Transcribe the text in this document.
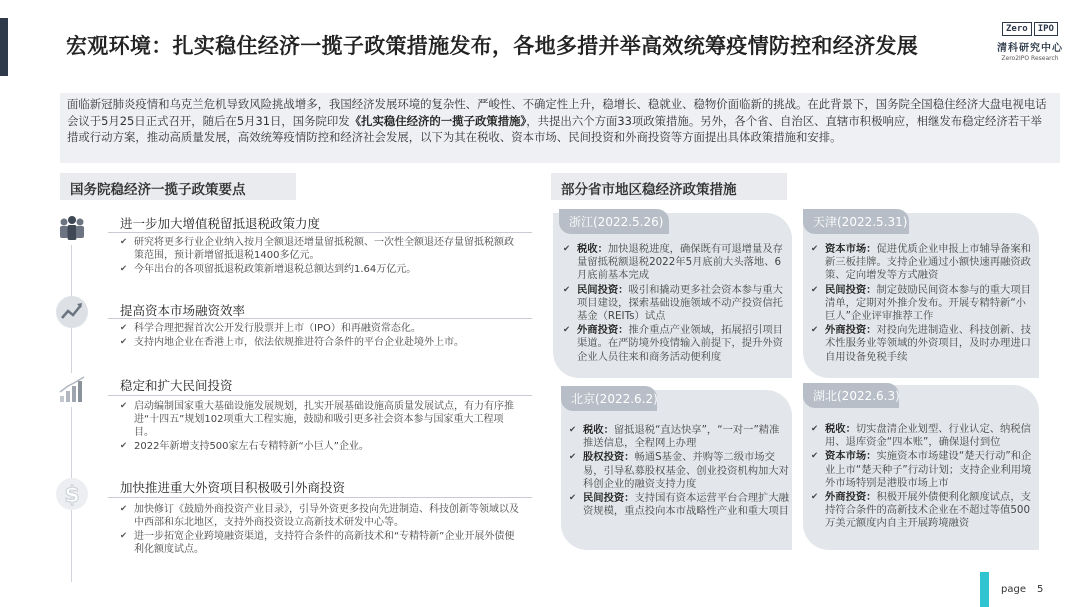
宏观环境：扎实稳住经济一揽子政策措施发布，各地多措并举高效统筹疫情防控和经济发展
Zero	IPO
清科研究中心
Zero2IPO Research
面临新冠肺炎疫情和乌克兰危机导致风险挑战增多，我国经济发展环境的复杂性、严峻性、不确定性上升，稳增长、稳就业、稳物价面临新的挑战。在此背景下，国务院全国稳住经济大盘电视电话会议于5月25日正式召开，随后在5月31日，国务院印发《扎实稳住经济的一揽子政策措施》，共提出六个方面33项政策措施。另外，各个省、自治区、直辖市积极响应，相继发布稳定经济若干举措或行动方案，推动高质量发展，高效统筹疫情防控和经济社会发展，以下为其在税收、资本市场、民间投资和外商投资等方面提出具体政策措施和安排。
国务院稳经济一揽子政策要点
$
进一步加大增值税留抵退税政策力度
✔ 研究将更多行业企业纳入按月全额退还增量留抵税额、一次性全额退还存量留抵税额政策范围，预计新增留抵退税1400多亿元。
✔ 今年出台的各项留抵退税政策新增退税总额达到约1.64万亿元。
提高资本市场融资效率
✔ 科学合理把握首次公开发行股票并上市（IPO）和再融资常态化。
✔ 支持内地企业在香港上市，依法依规推进符合条件的平台企业赴境外上市。
稳定和扩大民间投资
✔ 启动编制国家重大基础设施发展规划，扎实开展基础设施高质量发展试点，有力有序推进“十四五”规划102项重大工程实施，鼓励和吸引更多社会资本参与国家重大工程项目。
✔ 2022年新增支持500家左右专精特新“小巨人”企业。
加快推进重大外资项目积极吸引外商投资
✔ 加快修订《鼓励外商投资产业目录》，引导外资更多投向先进制造、科技创新等领域以及中西部和东北地区，支持外商投资设立高新技术研发中心等。
✔ 进一步拓宽企业跨境融资渠道，支持符合条件的高新技术和“专精特新”企业开展外债便利化额度试点。
部分省市地区稳经济政策措施
浙江(2022.5.26)
✔ 税收：加快退税进度，确保既有可退增量及存量留抵税额退税2022年5月底前大头落地、6月底前基本完成
✔ 民间投资：吸引和撬动更多社会资本参与重大项目建设，探索基础设施领域不动产投资信托基金（REITs）试点
✔ 外商投资：推介重点产业领域，拓展招引项目渠道。在严防境外疫情输入前提下，提升外资企业人员往来和商务活动便利度
天津(2022.5.31)
✔ 资本市场：促进优质企业申报上市辅导备案和新三板挂牌。支持企业通过小额快速再融资政策、定向增发等方式融资
✔ 民间投资：制定鼓励民间资本参与的重大项目清单，定期对外推介发布。开展专精特新“小巨人”企业评审推荐工作
✔ 外商投资：对投向先进制造业、科技创新、技术性服务业等领域的外资项目，及时办理进口自用设备免税手续
北京(2022.6.2)
✔ 税收：留抵退税“直达快享”，“一对一”精准推送信息，全程网上办理
✔ 股权投资：畅通S基金、并购等二级市场交易，引导私募股权基金、创业投资机构加大对科创企业的融资支持力度
✔ 民间投资：支持国有资本运营平台合理扩大融资规模，重点投向本市战略性产业和重大项目
湖北(2022.6.3)
✔ 税收：切实盘清企业划型、行业认定、纳税信用、退库资金“四本账”，确保退付到位
✔ 资本市场：实施资本市场建设“楚天行动”和企业上市“楚天种子”行动计划；支持企业利用境外市场特别是港股市场上市
✔ 外商投资：积极开展外债便利化额度试点，支持符合条件的高新技术企业在不超过等值500万美元额度内自主开展跨境融资
page 5
